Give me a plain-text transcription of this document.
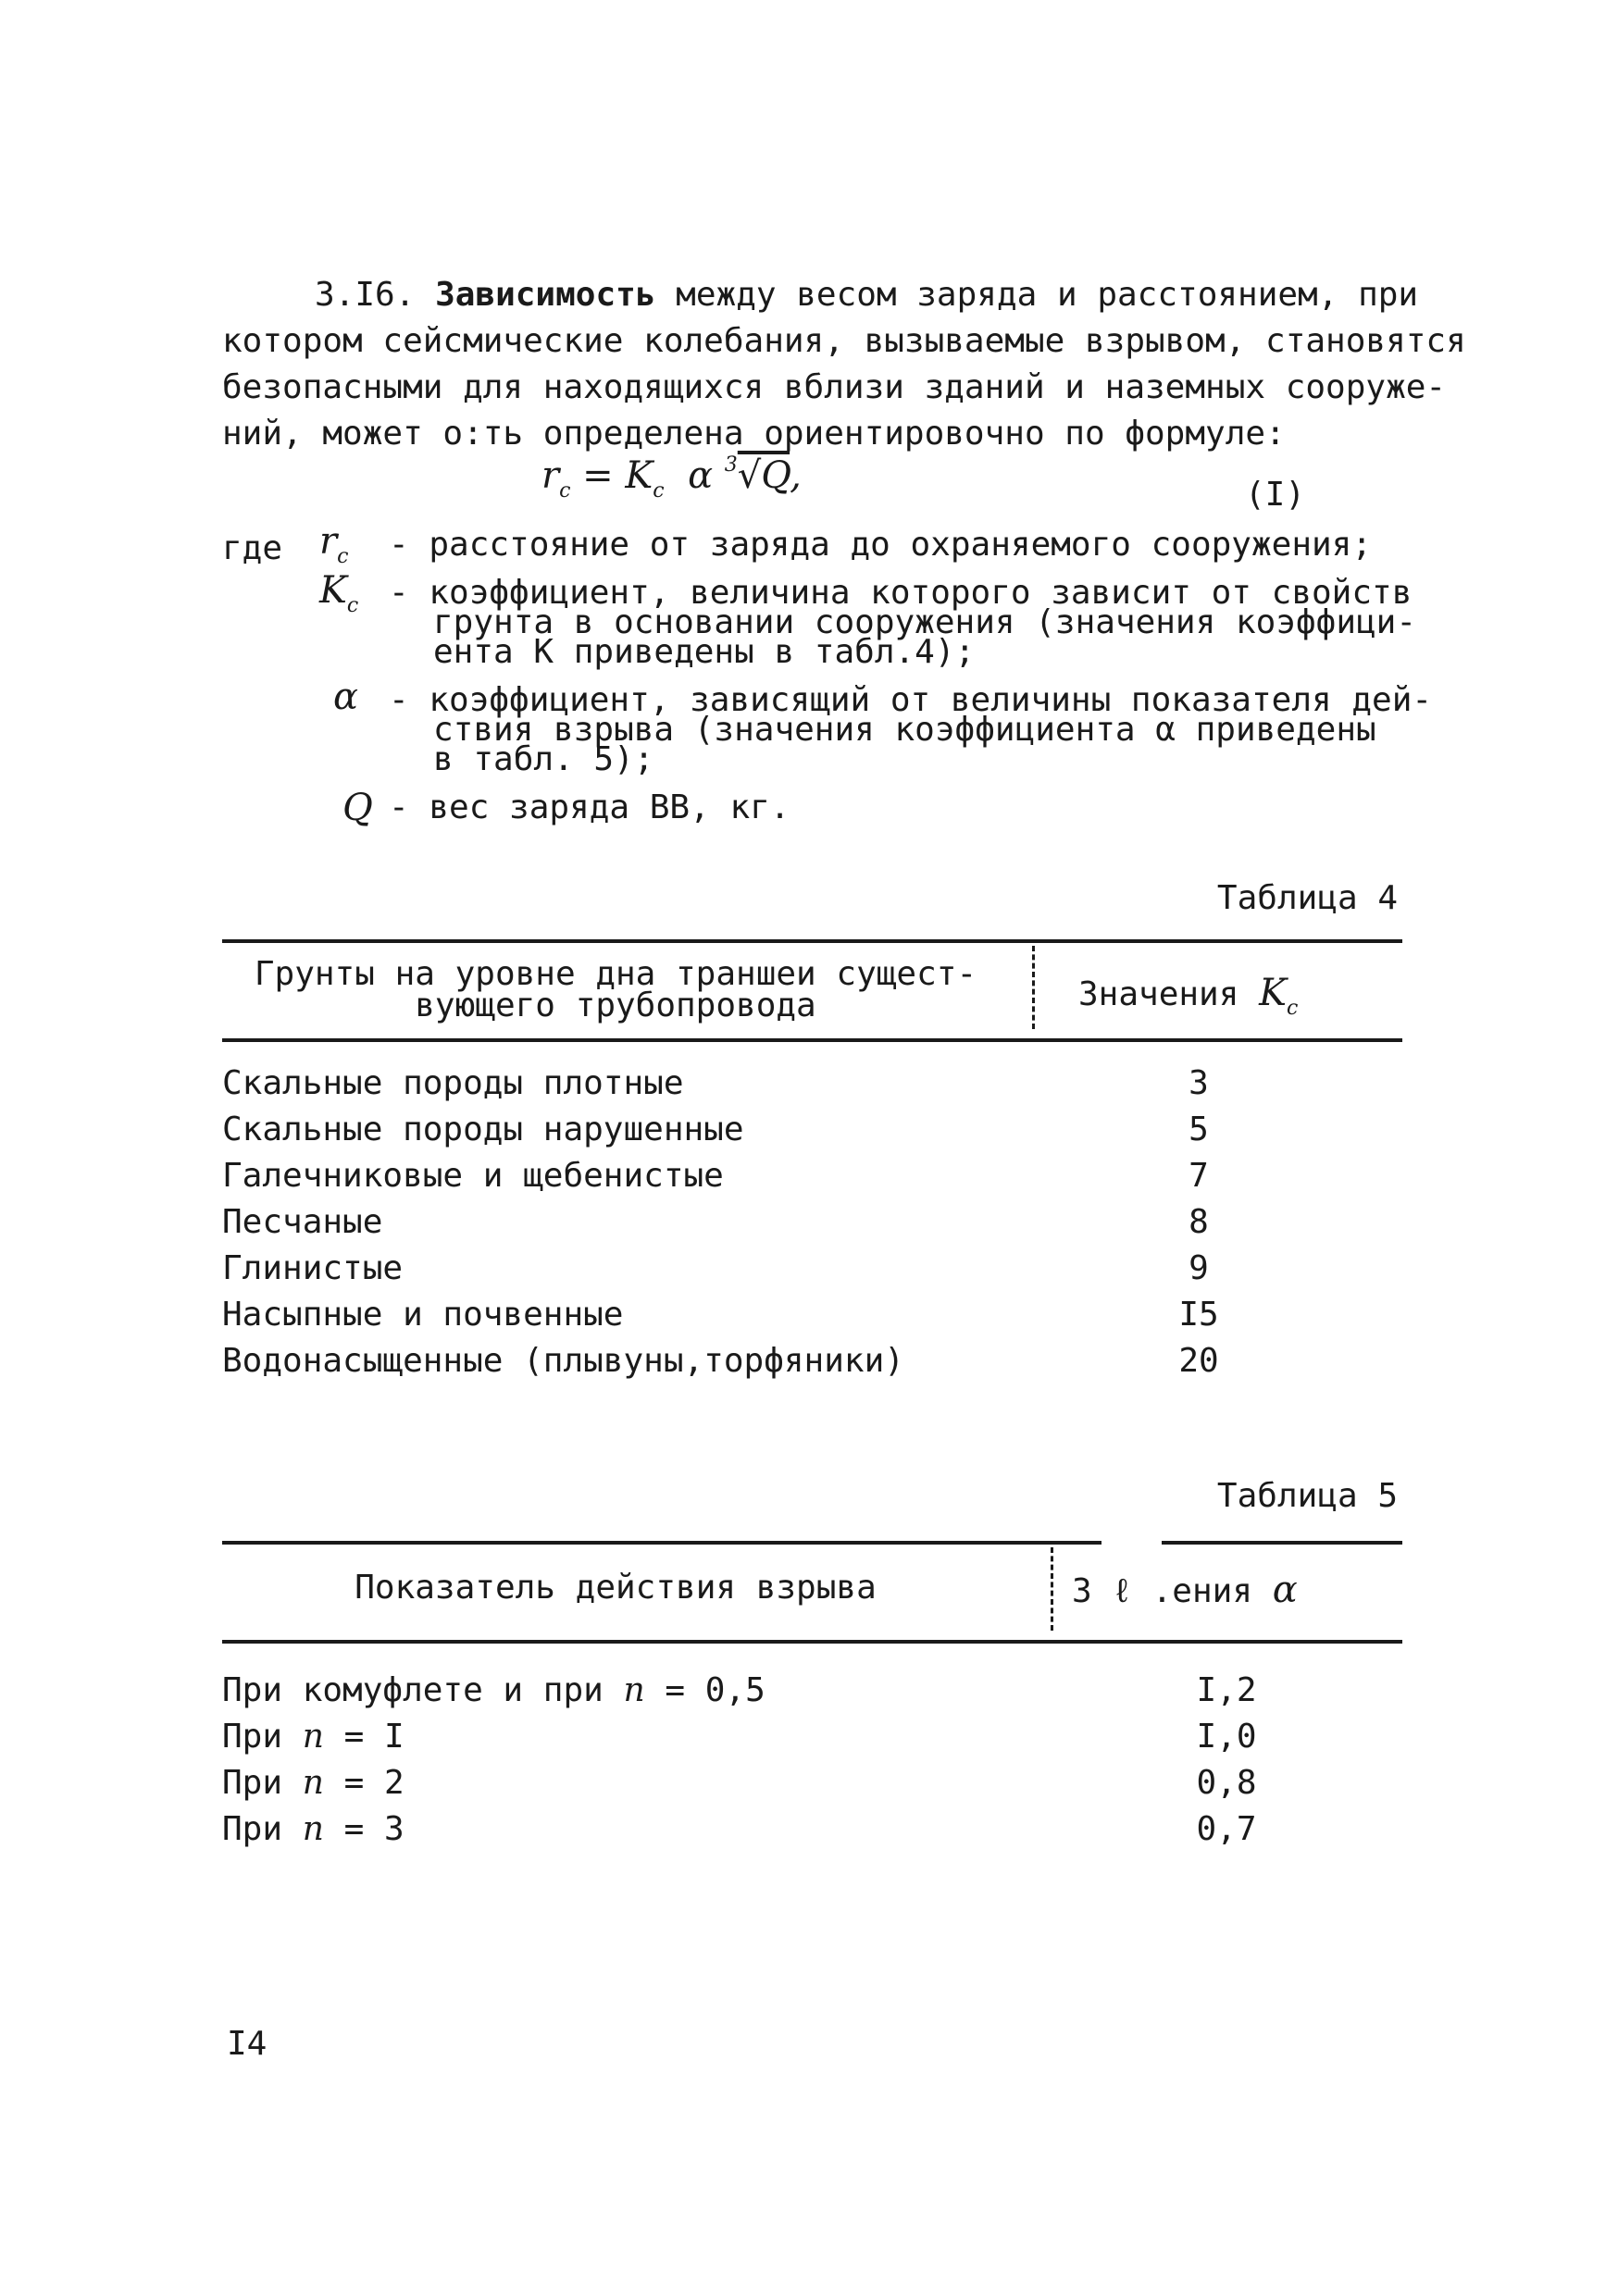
3.I6. Зависимость между весом заряда и расстоянием, при
котором сейсмические колебания, вызываемые взрывом, становятся
безопасными для находящихся вблизи зданий и наземных сооруже-
ний, может о:ть определена ориентировочно по формуле:
$r_c = K_c$ α $^3$√Q,	(I)
где $r_c$ - расстояние от заряда до охраняемого сооружения;
$K_c$ - коэффициент, величина которого зависит от свойств
грунта в основании сооружения (значения коэффици-
ента K приведены в табл.4);
α - коэффициент, зависящий от величины показателя дей-
ствия взрыва (значения коэффициента α приведены
в табл. 5);
Q - вес заряда ВВ, кг.
Таблица 4
Грунты на уровне дна траншеи сущест-
вующего трубопровода	Значения $K_c$
Скальные породы плотные	3
Скальные породы нарушенные	5
Галечниковые и щебенистые	7
Песчаные	8
Глинистые	9
Насыпные и почвенные	I5
Водонасыщенные (плывуны,торфяники)	20
Таблица 5
Показатель действия взрыва	З ℓ .ения α
При комуфлете и при n = 0,5	I,2
При n = I	I,0
При n = 2	0,8
При n = 3	0,7
I4
